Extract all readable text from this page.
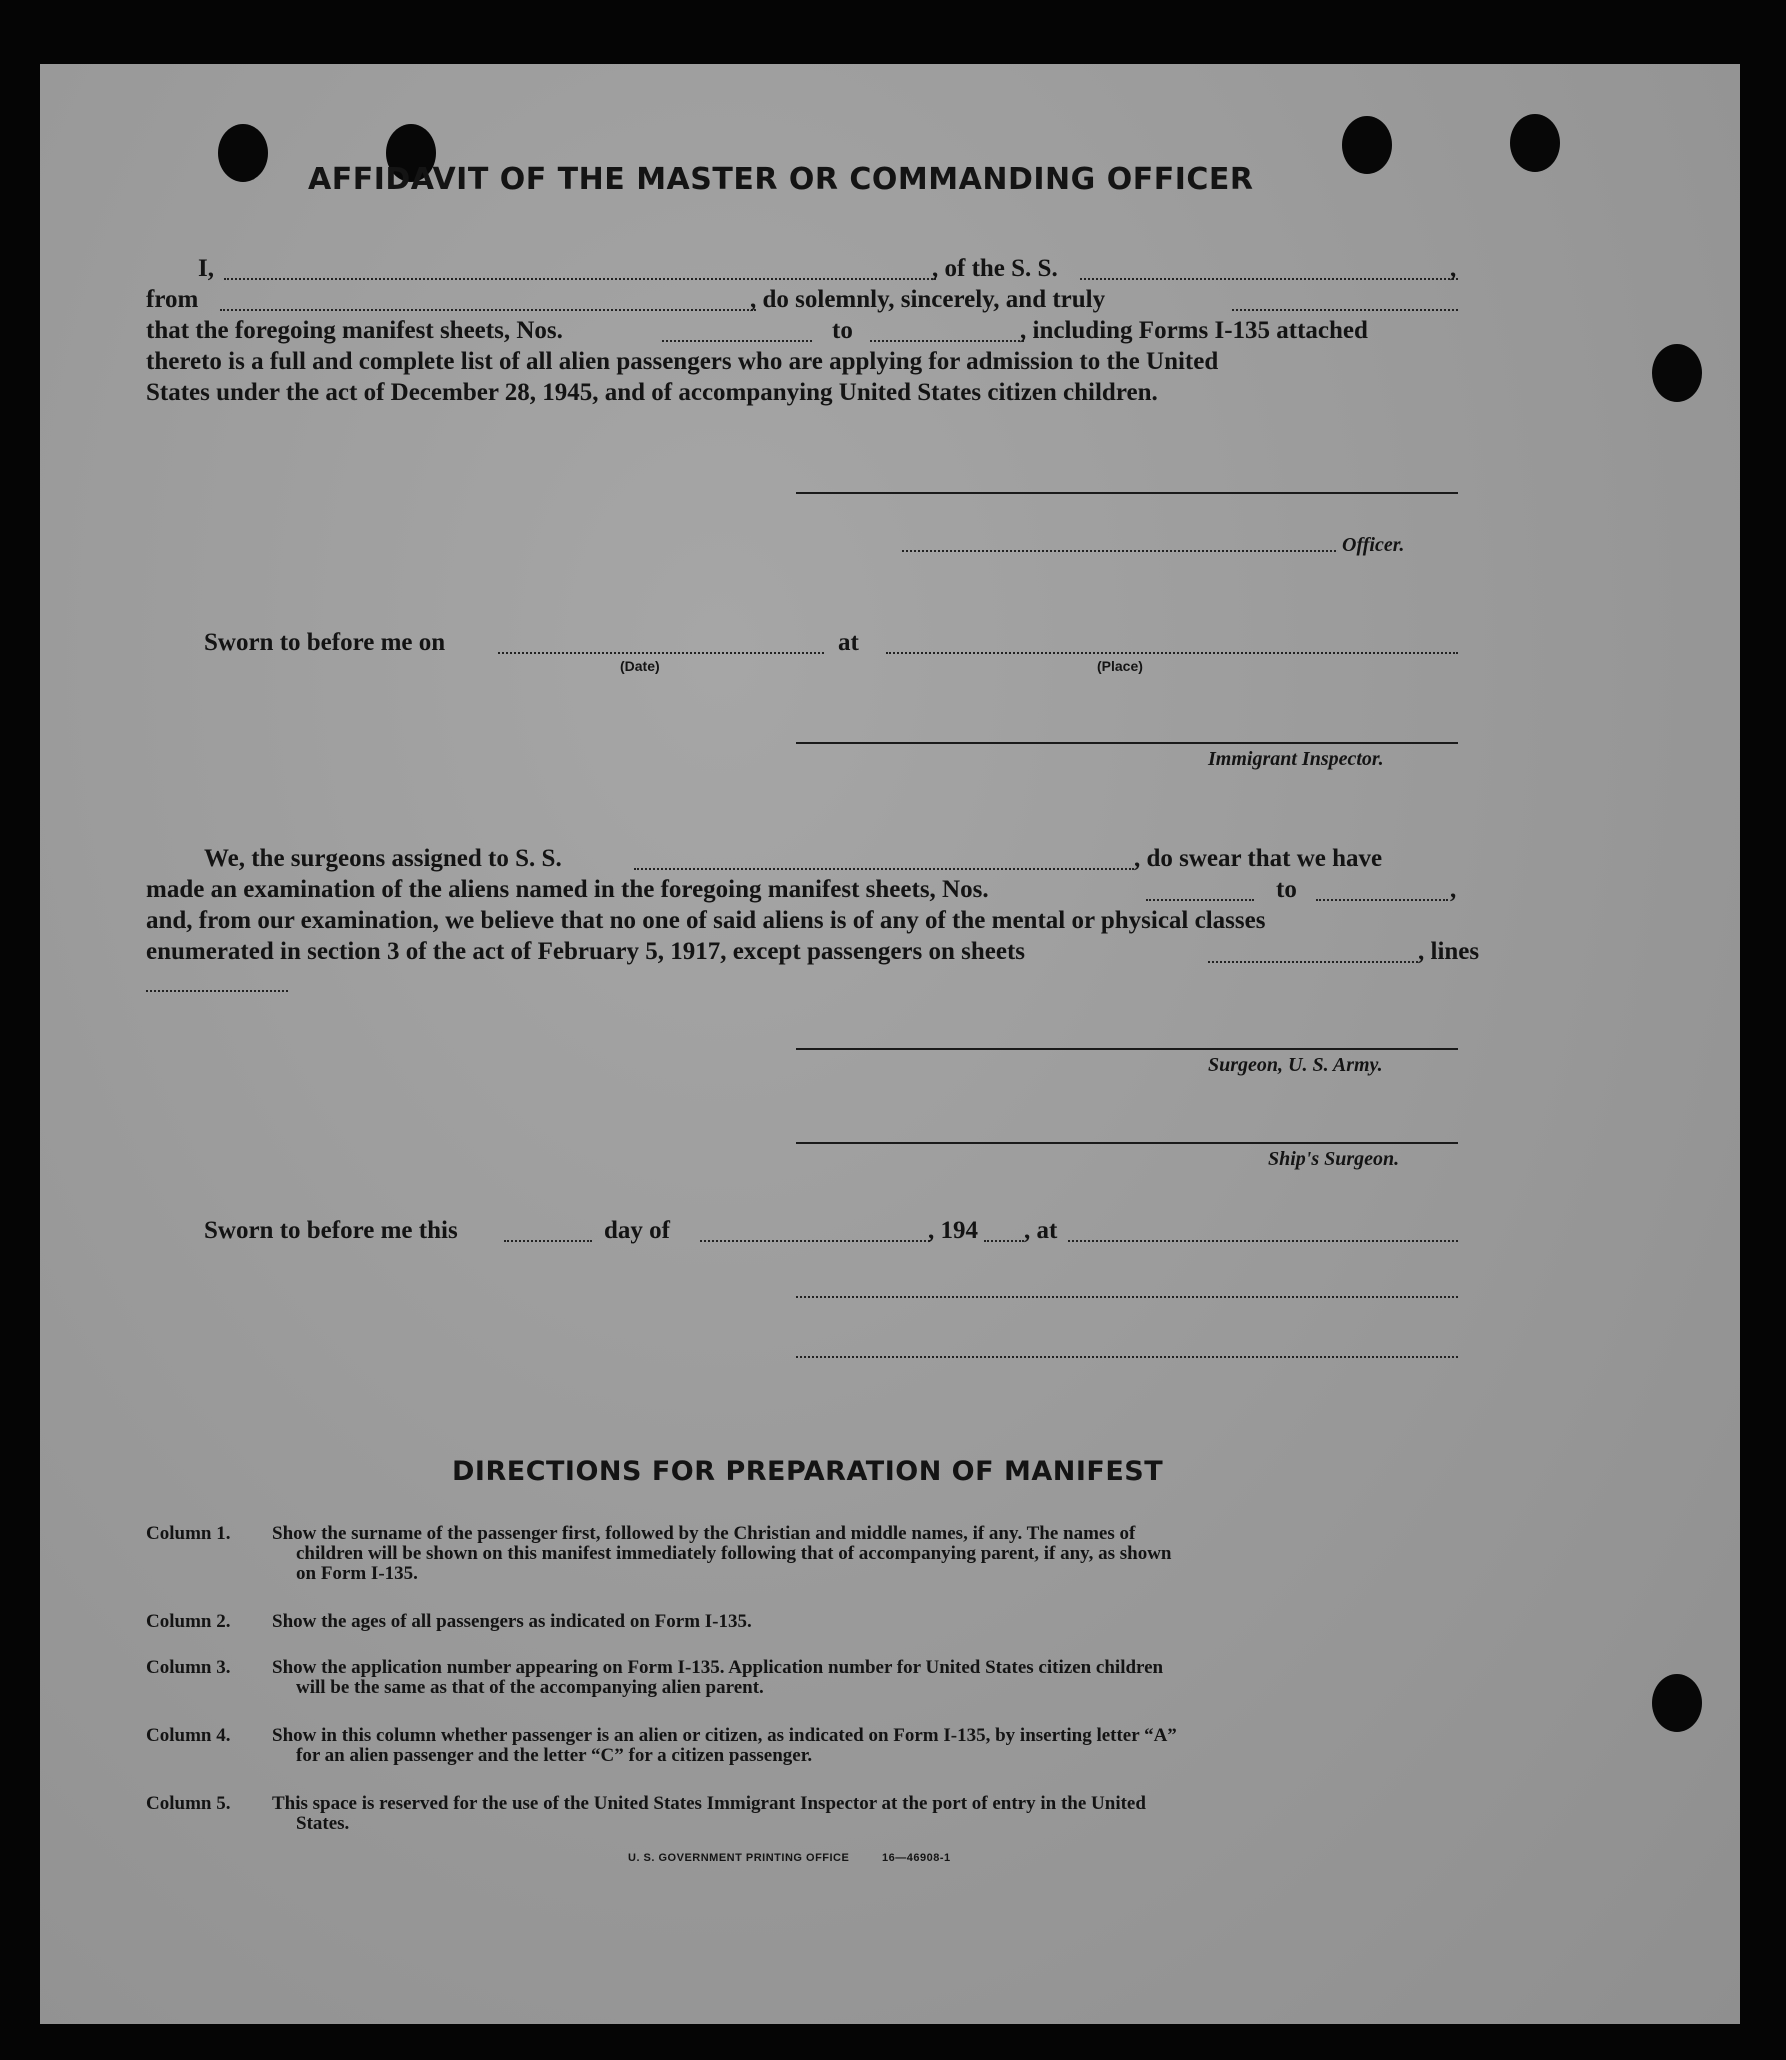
AFFIDAVIT OF THE MASTER OR COMMANDING OFFICER
I,	, of the S. S.	,
from	, do solemnly, sincerely, and truly
that the foregoing manifest sheets, Nos.	to	, including Forms I-135 attached
thereto is a full and complete list of all alien passengers who are applying for admission to the United
States under the act of December 28, 1945, and of accompanying United States citizen children.
Officer.
Sworn to before me on	at
(Date)	(Place)
Immigrant Inspector.
We, the surgeons assigned to S. S.	, do swear that we have
made an examination of the aliens named in the foregoing manifest sheets, Nos.	to	,
and, from our examination, we believe that no one of said aliens is of any of the mental or physical classes
enumerated in section 3 of the act of February 5, 1917, except passengers on sheets	, lines
Surgeon, U. S. Army.
Ship's Surgeon.
Sworn to before me this	day of	, 194 , at
DIRECTIONS FOR PREPARATION OF MANIFEST
Column 1. Show the surname of the passenger first, followed by the Christian and middle names, if any. The names of
children will be shown on this manifest immediately following that of accompanying parent, if any, as shown
on Form I-135.
Column 2. Show the ages of all passengers as indicated on Form I-135.
Column 3. Show the application number appearing on Form I-135. Application number for United States citizen children
will be the same as that of the accompanying alien parent.
Column 4. Show in this column whether passenger is an alien or citizen, as indicated on Form I-135, by inserting letter “A”
for an alien passenger and the letter “C” for a citizen passenger.
Column 5. This space is reserved for the use of the United States Immigrant Inspector at the port of entry in the United
States.
U. S. GOVERNMENT PRINTING OFFICE	16—46908-1
